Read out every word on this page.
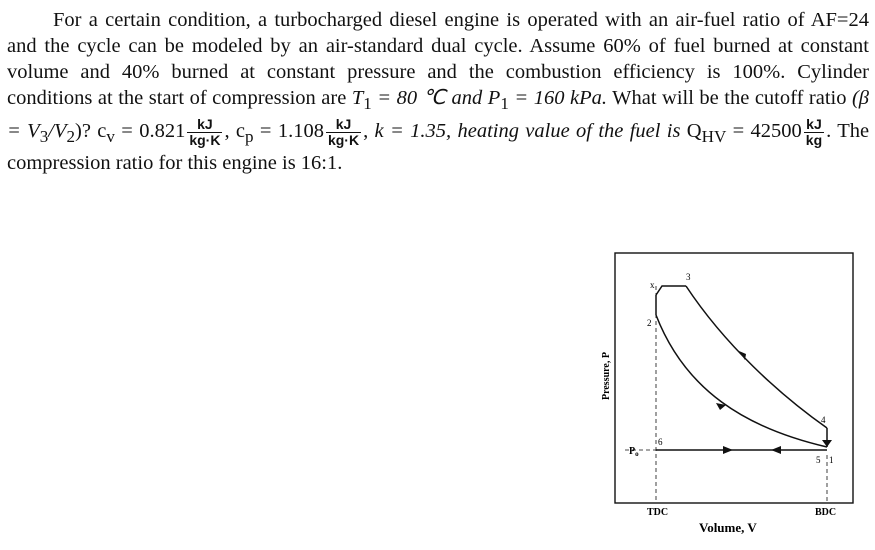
For a certain condition, a turbocharged diesel engine is operated with an air-fuel ratio of AF=24 and the cycle can be modeled by an air-standard dual cycle. Assume 60% of fuel burned at constant volume and 40% burned at constant pressure and the combustion efficiency is 100%. Cylinder conditions at the start of compression are $T_1 = 80$ ℃ and $P_1 = 160$ kPa. What will be the cutoff ratio $(\beta = V_3/V_2)$? $c_v = 0.821 \frac{kJ}{kg\cdot K}$ , $c_p = 1.108 \frac{kJ}{kg\cdot K}$ , k = 1.35, heating value of the fuel is $Q_{HV} = 42500 \frac{kJ}{kg}$ . The compression ratio for this engine is 16:1.

x
3
2
4
6
5 1
$P_o$
TDC	BDC
Volume, V
Pressure, P
